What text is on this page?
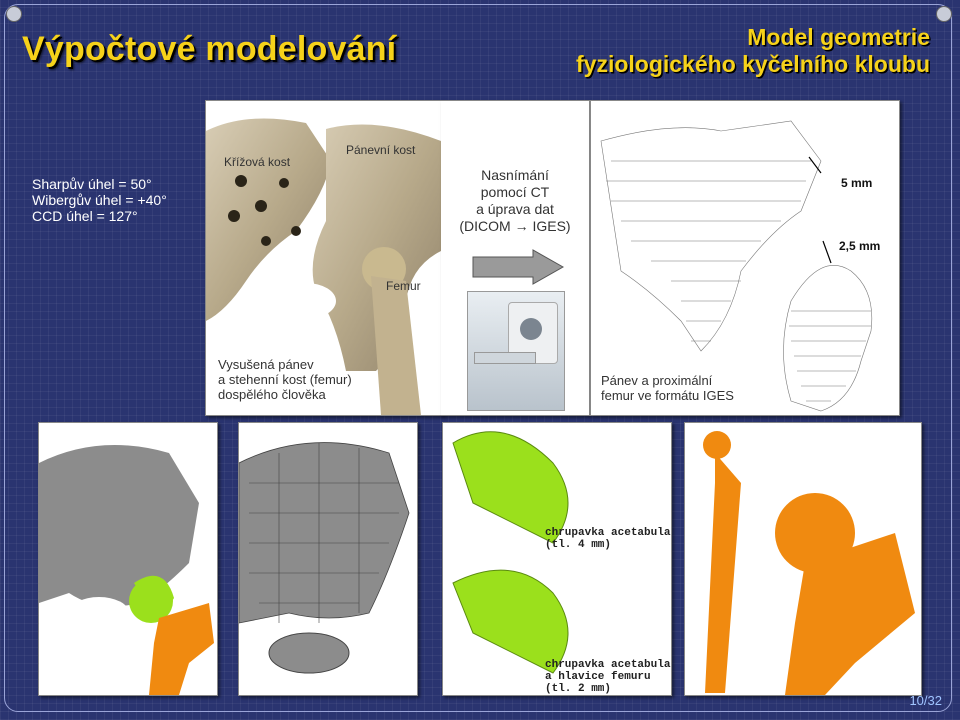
Výpočtové modelování	Model geometrie
fyziologického kyčelního kloubu
Sharpův úhel = 50°
Wibergův úhel = +40°
CCD úhel = 127°
Křížová kost
Pánevní kost
Femur
Vysušená pánev
a stehenní kost (femur)
dospělého člověka
Nasnímání
pomocí CT
a úprava dat
(DICOM → IGES)
5 mm
2,5 mm
Pánev a proximální
femur ve formátu IGES
chrupavka acetabula
(tl. 4 mm)
chrupavka acetabula
a hlavice femuru
(tl. 2 mm)
10/32
